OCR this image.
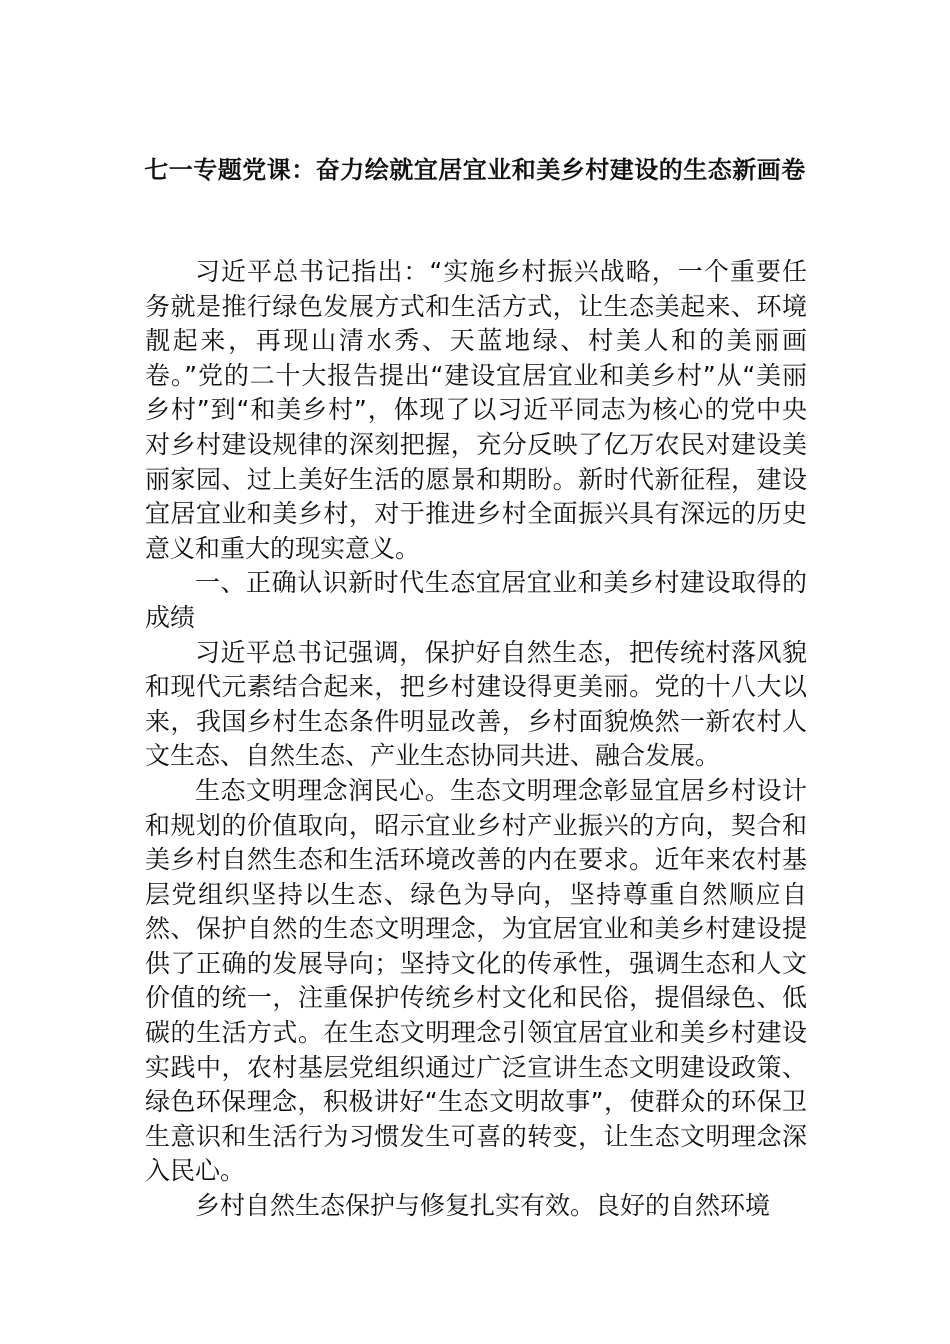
七一专题党课：奋力绘就宜居宜业和美乡村建设的生态新画卷

习近平总书记指出：“实施乡村振兴战略，一个重要任务就是推行绿色发展方式和生活方式，让生态美起来、环境靓起来，再现山清水秀、天蓝地绿、村美人和的美丽画卷。”党的二十大报告提出“建设宜居宜业和美乡村”从“美丽乡村”到“和美乡村”，体现了以习近平同志为核心的党中央对乡村建设规律的深刻把握，充分反映了亿万农民对建设美丽家园、过上美好生活的愿景和期盼。新时代新征程，建设宜居宜业和美乡村，对于推进乡村全面振兴具有深远的历史意义和重大的现实意义。

一、正确认识新时代生态宜居宜业和美乡村建设取得的成绩

习近平总书记强调，保护好自然生态，把传统村落风貌和现代元素结合起来，把乡村建设得更美丽。党的十八大以来，我国乡村生态条件明显改善，乡村面貌焕然一新农村人文生态、自然生态、产业生态协同共进、融合发展。

生态文明理念润民心。生态文明理念彰显宜居乡村设计和规划的价值取向，昭示宜业乡村产业振兴的方向，契合和美乡村自然生态和生活环境改善的内在要求。近年来农村基层党组织坚持以生态、绿色为导向，坚持尊重自然顺应自然、保护自然的生态文明理念，为宜居宜业和美乡村建设提供了正确的发展导向；坚持文化的传承性，强调生态和人文价值的统一，注重保护传统乡村文化和民俗，提倡绿色、低碳的生活方式。在生态文明理念引领宜居宜业和美乡村建设实践中，农村基层党组织通过广泛宣讲生态文明建设政策、绿色环保理念，积极讲好“生态文明故事”，使群众的环保卫生意识和生活行为习惯发生可喜的转变，让生态文明理念深入民心。

乡村自然生态保护与修复扎实有效。良好的自然环境
